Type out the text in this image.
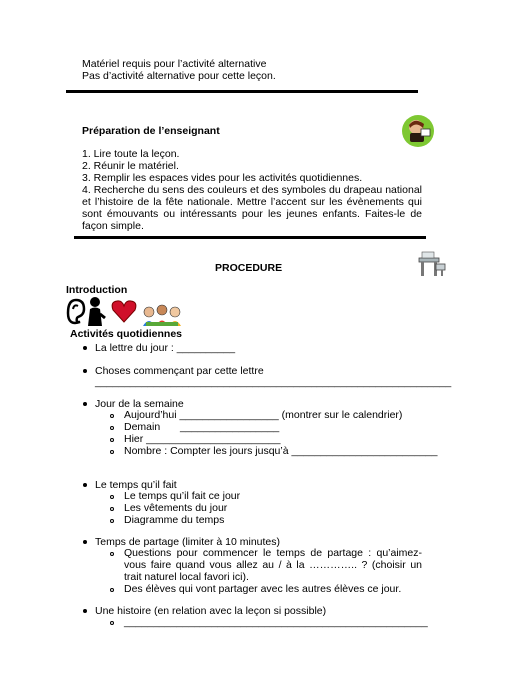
Matériel requis pour l’activité alternative
Pas d’activité alternative pour cette leçon.
Préparation de l’enseignant
1. Lire toute la leçon.
2. Réunir le matériel.
3. Remplir les espaces vides pour les activités quotidiennes.
4. Recherche du sens des couleurs et des symboles du drapeau national et l’histoire de la fête nationale. Mettre l’accent sur les évènements qui sont émouvants ou intéressants pour les jeunes enfants. Faites-le de façon simple.
PROCEDURE
Introduction
Activités quotidiennes
La lettre du jour : __________
Choses commençant par cette lettre
_____________________________________________________________
Jour de la semaine
Aujourd’hui _________________ (montrer sur le calendrier)
Demain _________________
Hier _______________________
Nombre : Compter les jours jusqu’à _________________________
Le temps qu’il fait
Le temps qu’il fait ce jour
Les vêtements du jour
Diagramme du temps
Temps de partage (limiter à 10 minutes)
Questions pour commencer le temps de partage : qu’aimez-vous faire quand vous allez au / à la ………….. ? (choisir un trait naturel local favori ici).
Des élèves qui vont partager avec les autres élèves ce jour.
Une histoire (en relation avec la leçon si possible)
____________________________________________________
